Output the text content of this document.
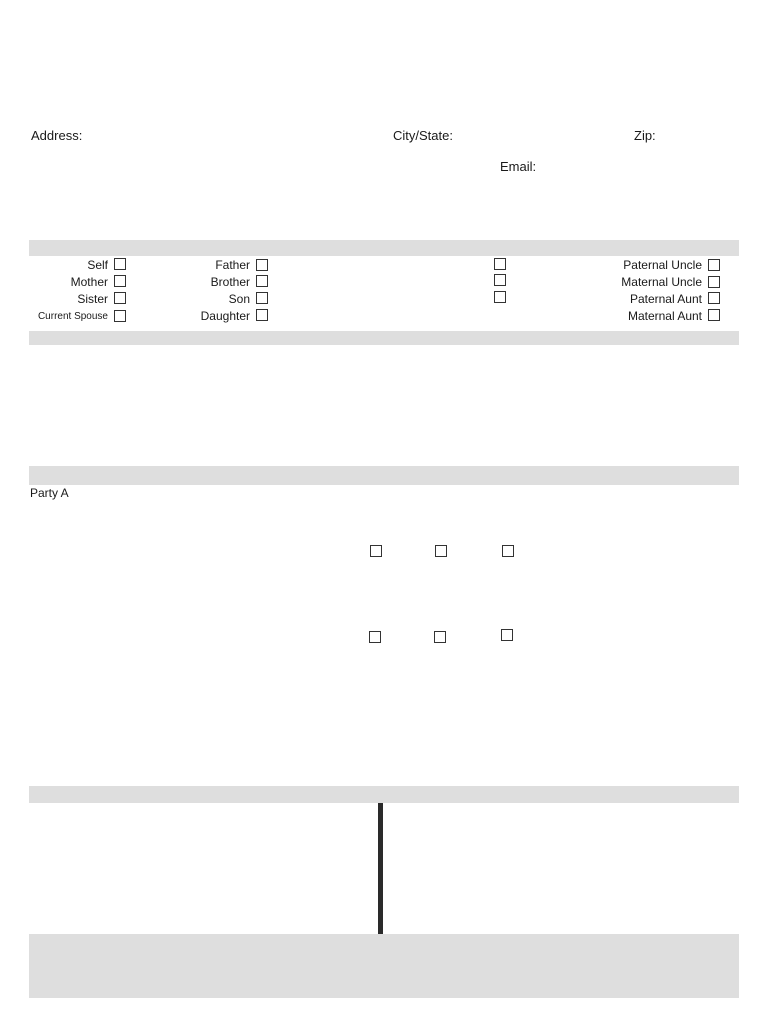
Address:	City/State:	Zip:
Email:
Self
Mother
Sister
Current Spouse
Father
Brother
Son
Daughter
Paternal Uncle
Maternal Uncle
Paternal Aunt
Maternal Aunt
Party A
